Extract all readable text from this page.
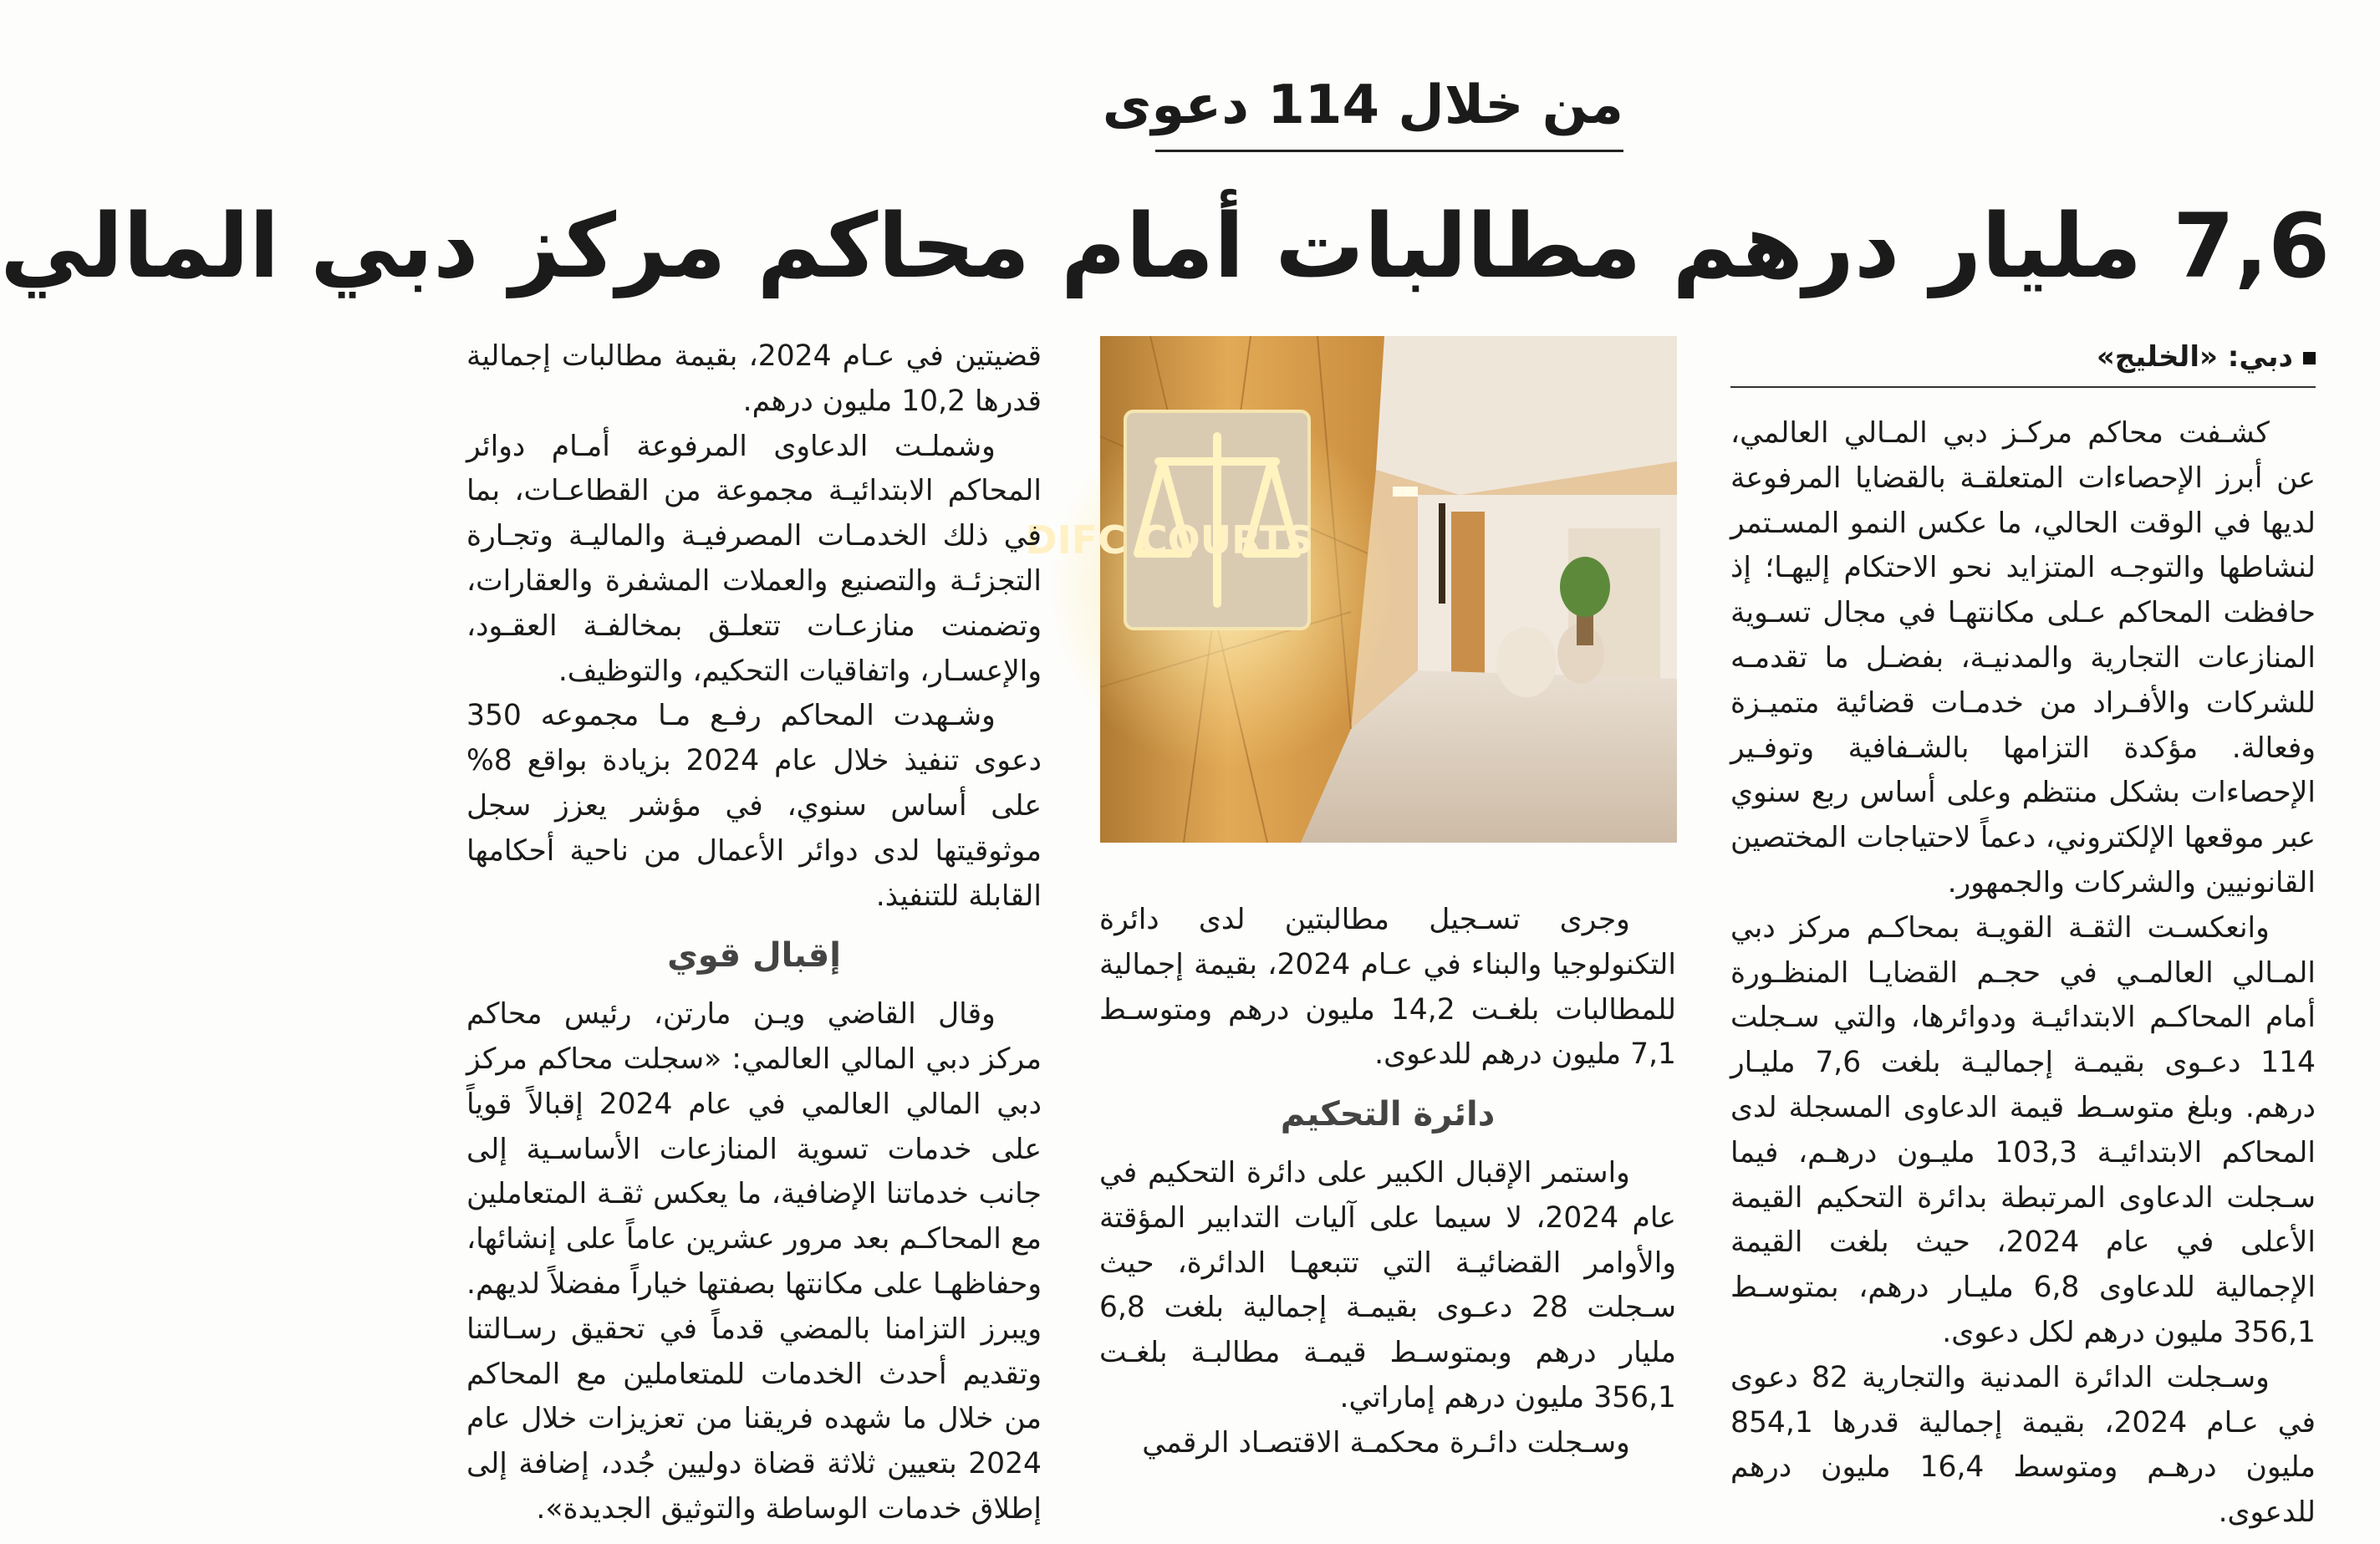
من خلال 114 دعوى
7,6 مليار درهم مطالبات أمام محاكم مركز دبي المالي
دبي: «الخليج»

كشـفت محاكم مركـز دبي المـالي العالمي، عن أبرز الإحصاءات المتعلقـة بالقضايا المرفوعة لديها في الوقت الحالي، ما عكس النمو المسـتمر لنشاطها والتوجـه المتزايد نحو الاحتكام إليهـا؛ إذ حافظت المحاكم عـلى مكانتهـا في مجال تسـوية المنازعات التجارية والمدنيـة، بفضـل ما تقدمـه للشركات والأفـراد من خدمـات قضائية متميـزة وفعالة. مؤكدة التزامها بالشـفافية وتوفـير الإحصاءات بشكل منتظم وعلى أساس ربع سنوي عبر موقعها الإلكتروني، دعماً لاحتياجات المختصين القانونيين والشركات والجمهور.

وانعكسـت الثقـة القويـة بمحاكـم مركز دبي المـالي العالمـي في حجـم القضايـا المنظـورة أمام المحاكـم الابتدائيـة ودوائرها، والتي سـجلت 114 دعـوى بقيمـة إجماليـة بلغت 7,6 مليـار درهم. وبلغ متوسـط قيمة الدعاوى المسجلة لدى المحاكم الابتدائيـة 103,3 مليـون درهـم، فيما سـجلت الدعاوى المرتبطة بدائرة التحكيم القيمة الأعلى في عام 2024، حيث بلغت القيمة الإجمالية للدعاوى 6,8 مليـار درهم، بمتوسـط 356,1 مليون درهم لكل دعوى.

وسـجلت الدائرة المدنية والتجارية 82 دعوى في عـام 2024، بقيمة إجمالية قدرها 854,1 مليون درهـم ومتوسط 16,4 مليون درهم للدعوى.

DIFC COURTS

وجرى تسـجيل مطالبتين لدى دائرة التكنولوجيا والبناء في عـام 2024، بقيمة إجمالية للمطالبات بلغـت 14,2 مليون درهم ومتوسـط 7,1 مليون درهم للدعوى.

دائرة التحكيم

واستمر الإقبال الكبير على دائرة التحكيم في عام 2024، لا سيما على آليات التدابير المؤقتة والأوامر القضائيـة التي تتبعهـا الدائرة، حيث سـجلت 28 دعـوى بقيمـة إجمالية بلغت 6,8 مليار درهم وبمتوسـط قيمـة مطالبـة بلغـت 356,1 مليون درهم إماراتي.

وسـجلت دائـرة محكمـة الاقتصـاد الرقمي

قضيتين في عـام 2024، بقيمة مطالبات إجمالية قدرها 10,2 مليون درهم.

وشملـت الدعاوى المرفوعة أمـام دوائر المحاكم الابتدائيـة مجموعة من القطاعـات، بما في ذلك الخدمـات المصرفيـة والماليـة وتجـارة التجزئـة والتصنيع والعملات المشفرة والعقارات، وتضمنت منازعـات تتعلـق بمخالفـة العقـود، والإعسـار، واتفاقيات التحكيم، والتوظيف.

وشـهدت المحاكم رفـع مـا مجموعه 350 دعوى تنفيذ خلال عام 2024 بزيادة بواقع 8% على أساس سنوي، في مؤشر يعزز سجل موثوقيتها لدى دوائر الأعمال من ناحية أحكامها القابلة للتنفيذ.

إقبال قوي

وقال القاضي ويـن مارتن، رئيس محاكم مركز دبي المالي العالمي: «سجلت محاكم مركز دبي المالي العالمي في عام 2024 إقبالاً قوياً على خدمات تسوية المنازعات الأساسـية إلى جانب خدماتنا الإضافية، ما يعكس ثقـة المتعاملين مع المحاكـم بعد مرور عشرين عاماً على إنشائها، وحفاظهـا على مكانتها بصفتها خياراً مفضلاً لديهم. ويبرز التزامنا بالمضي قدماً في تحقيق رسـالتنا وتقديم أحدث الخدمات للمتعاملين مع المحاكم من خلال ما شهده فريقنا من تعزيزات خلال عام 2024 بتعيين ثلاثة قضاة دوليين جُدد، إضافة إلى إطلاق خدمات الوساطة والتوثيق الجديدة».
